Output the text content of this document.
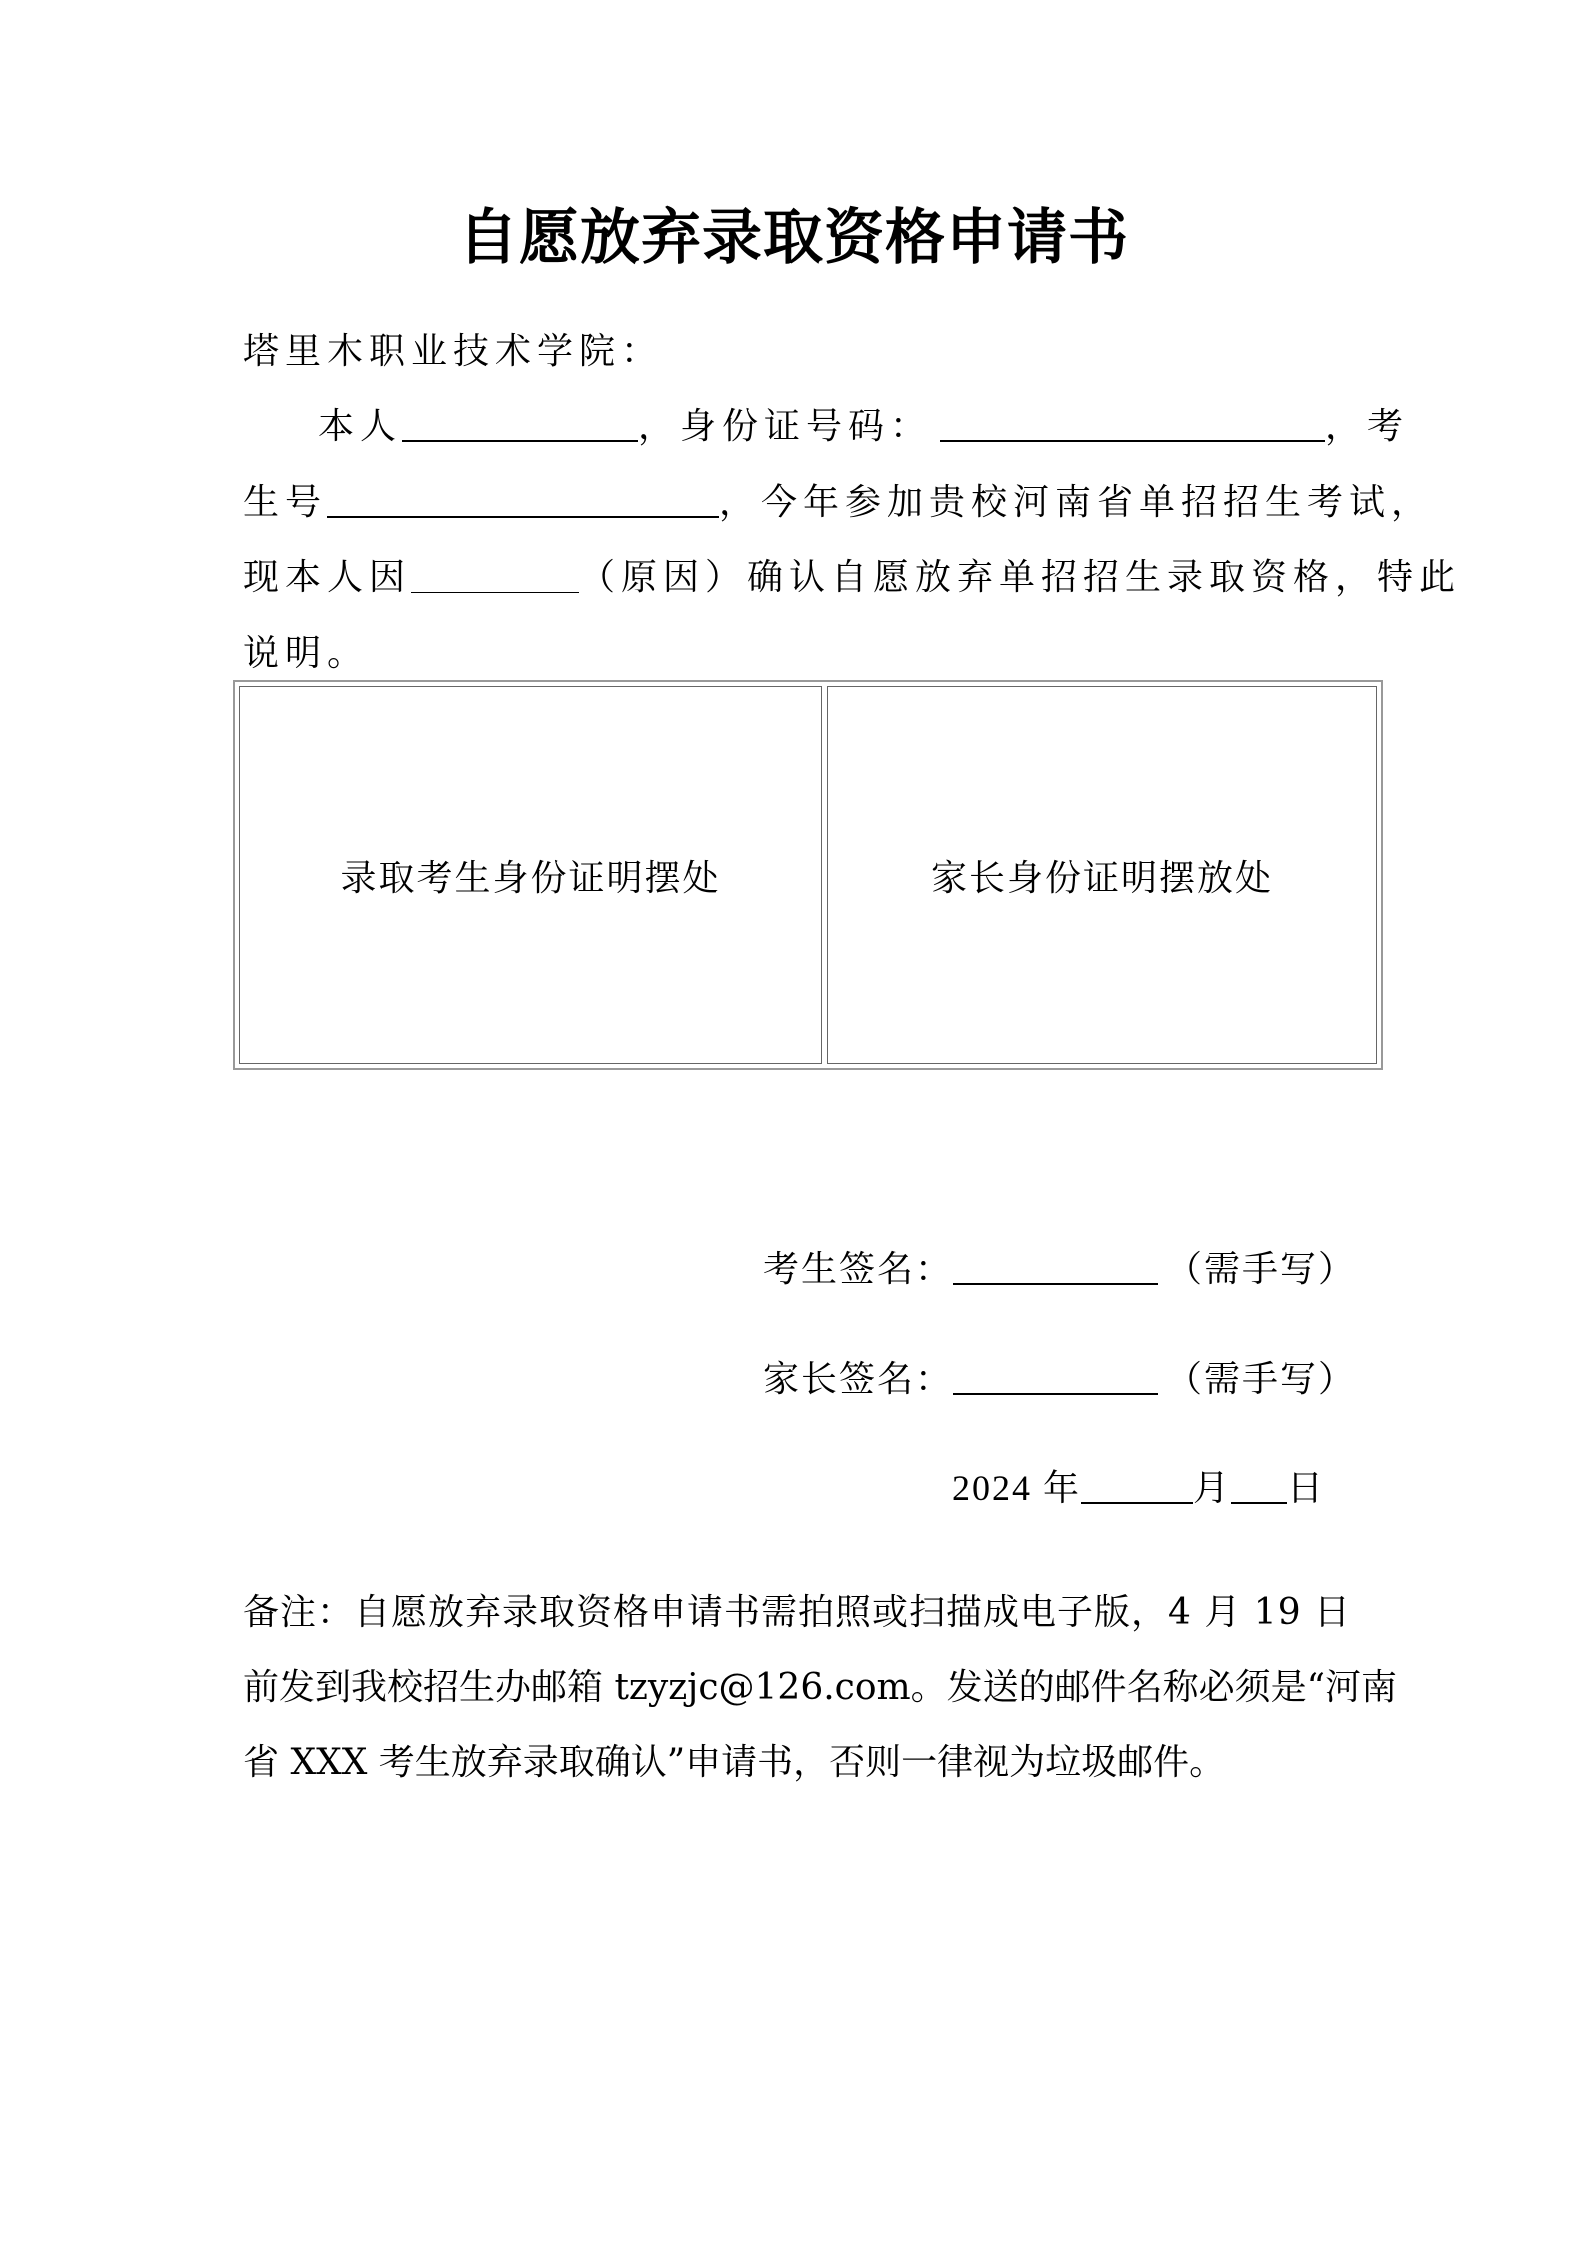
自愿放弃录取资格申请书
塔里木职业技术学院：
本人	，身份证号码：	，考
生号	，今年参加贵校河南省单招招生考试，
现本人因	（原因）确认自愿放弃单招招生录取资格，特此
说明。
录取考生身份证明摆处	家长身份证明摆放处
考生签名：	（需手写）
家长签名：	（需手写）
2024 年	月 日
备注：自愿放弃录取资格申请书需拍照或扫描成电子版，4 月 19 日
前发到我校招生办邮箱 tzyzjc@126.com。发送的邮件名称必须是“河南
省 XXX 考生放弃录取确认”申请书，否则一律视为垃圾邮件。
